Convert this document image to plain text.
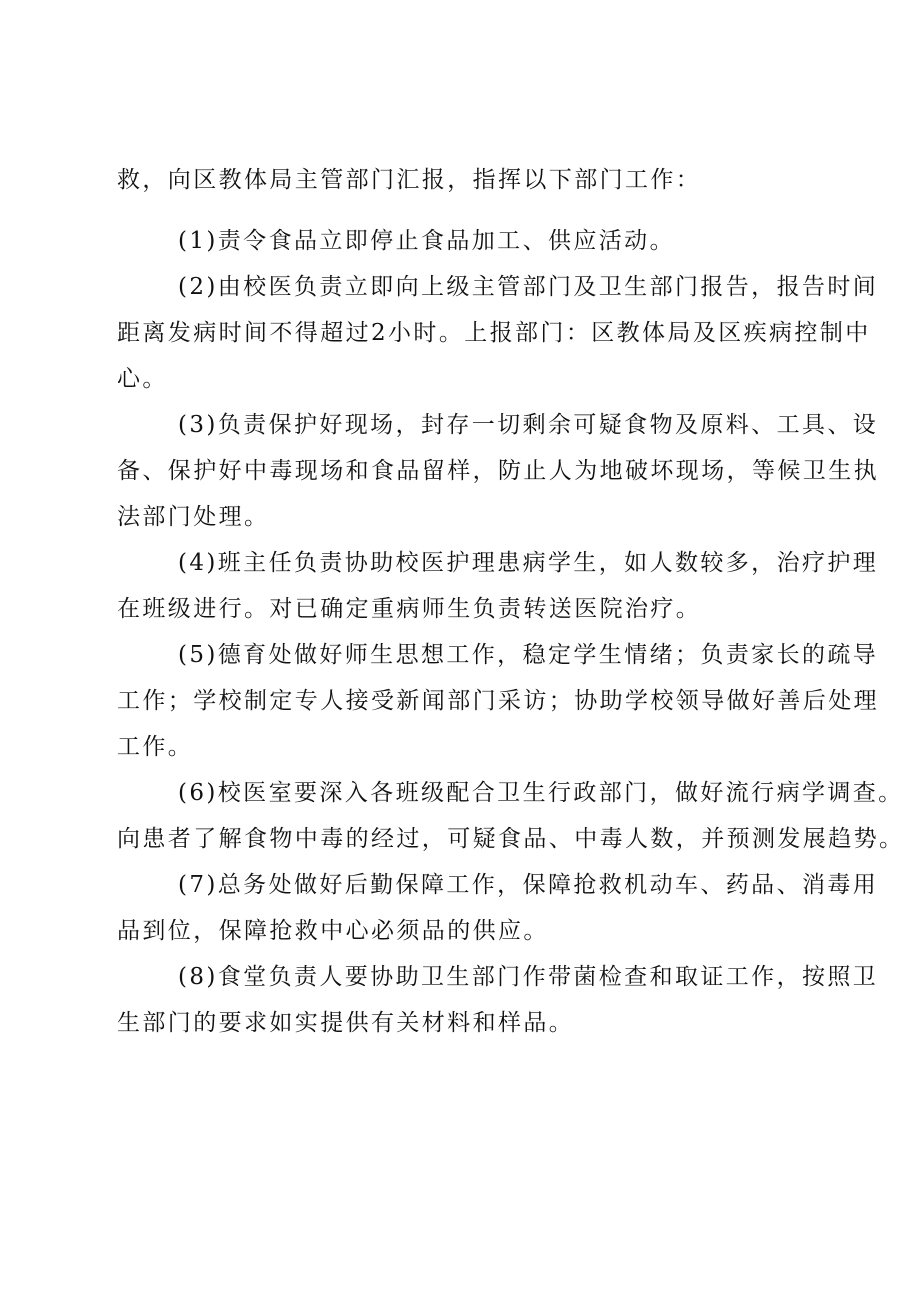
救，向区教体局主管部门汇报，指挥以下部门工作：
(1)责令食品立即停止食品加工、供应活动。
(2)由校医负责立即向上级主管部门及卫生部门报告，报告时间
距离发病时间不得超过2小时。上报部门：区教体局及区疾病控制中
心。
(3)负责保护好现场，封存一切剩余可疑食物及原料、工具、设
备、保护好中毒现场和食品留样，防止人为地破坏现场，等候卫生执
法部门处理。
(4)班主任负责协助校医护理患病学生，如人数较多，治疗护理
在班级进行。对已确定重病师生负责转送医院治疗。
(5)德育处做好师生思想工作，稳定学生情绪；负责家长的疏导
工作；学校制定专人接受新闻部门采访；协助学校领导做好善后处理
工作。
(6)校医室要深入各班级配合卫生行政部门，做好流行病学调查。
向患者了解食物中毒的经过，可疑食品、中毒人数，并预测发展趋势。
(7)总务处做好后勤保障工作，保障抢救机动车、药品、消毒用
品到位，保障抢救中心必须品的供应。
(8)食堂负责人要协助卫生部门作带菌检查和取证工作，按照卫
生部门的要求如实提供有关材料和样品。
